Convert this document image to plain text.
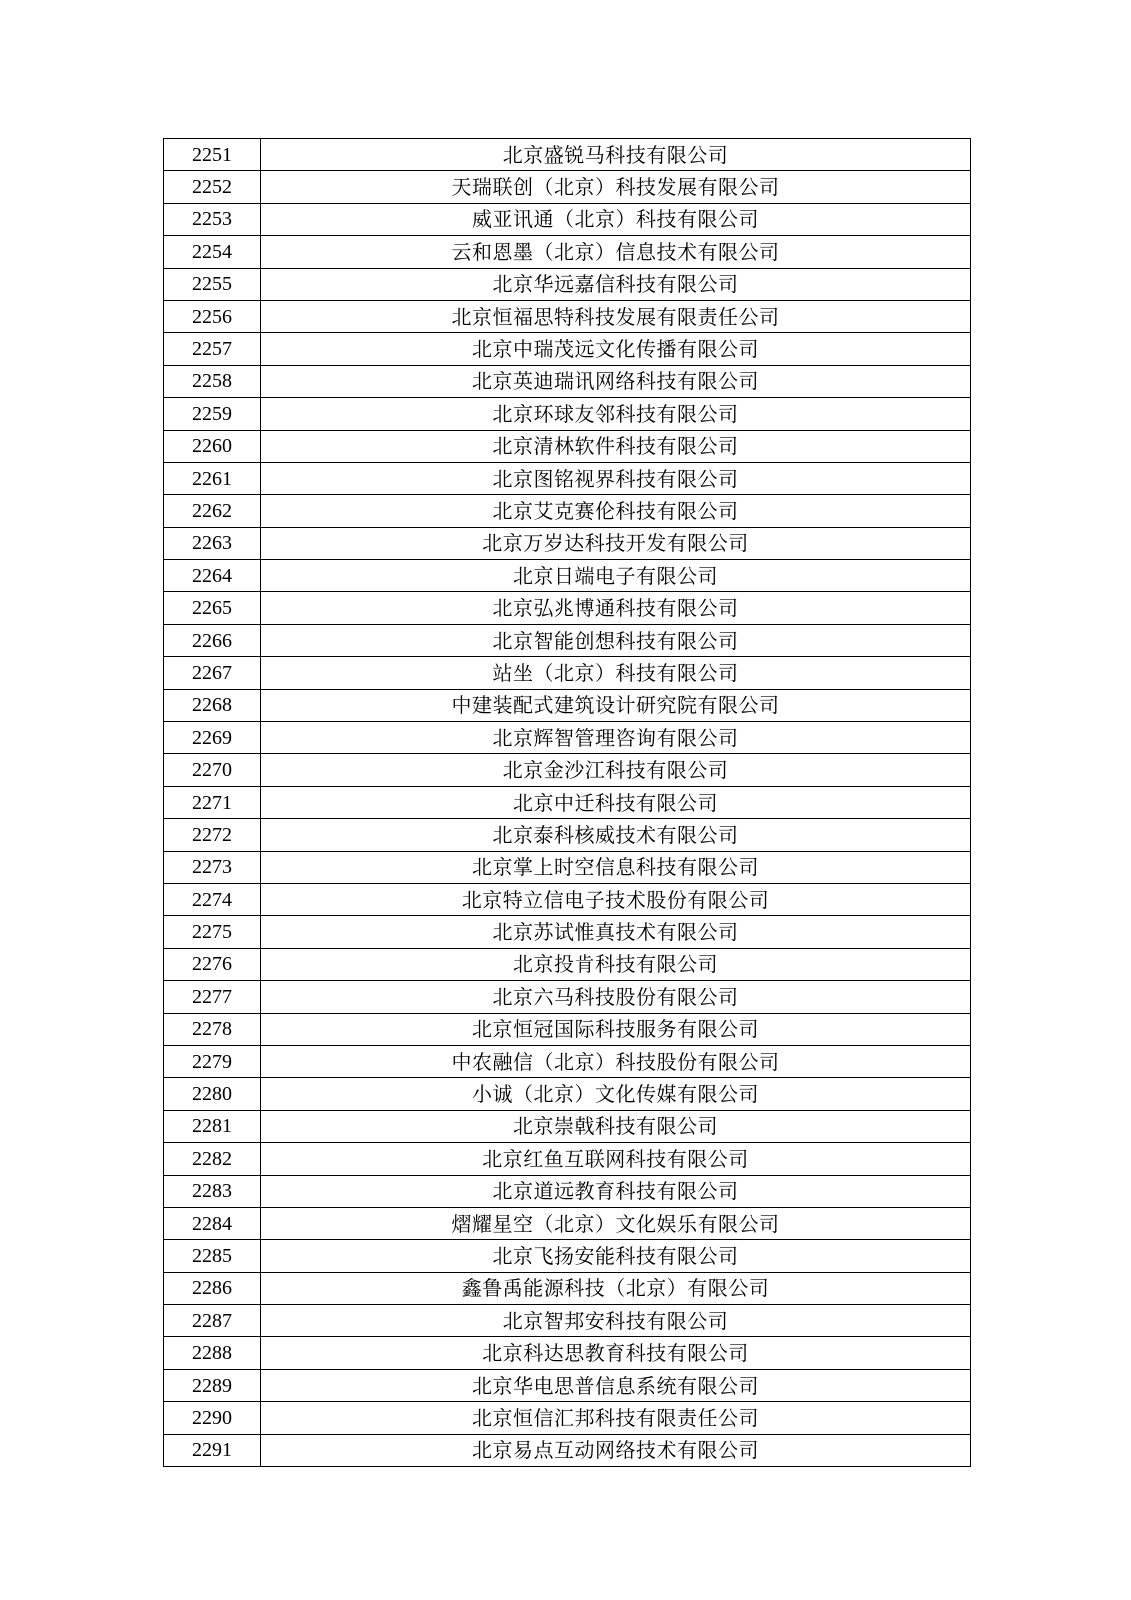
2251	北京盛锐马科技有限公司
2252	天瑞联创（北京）科技发展有限公司
2253	威亚讯通（北京）科技有限公司
2254	云和恩墨（北京）信息技术有限公司
2255	北京华远嘉信科技有限公司
2256	北京恒福思特科技发展有限责任公司
2257	北京中瑞茂远文化传播有限公司
2258	北京英迪瑞讯网络科技有限公司
2259	北京环球友邻科技有限公司
2260	北京清林软件科技有限公司
2261	北京图铭视界科技有限公司
2262	北京艾克赛伦科技有限公司
2263	北京万岁达科技开发有限公司
2264	北京日端电子有限公司
2265	北京弘兆博通科技有限公司
2266	北京智能创想科技有限公司
2267	站坐（北京）科技有限公司
2268	中建装配式建筑设计研究院有限公司
2269	北京辉智管理咨询有限公司
2270	北京金沙江科技有限公司
2271	北京中迁科技有限公司
2272	北京泰科核威技术有限公司
2273	北京掌上时空信息科技有限公司
2274	北京特立信电子技术股份有限公司
2275	北京苏试惟真技术有限公司
2276	北京投肯科技有限公司
2277	北京六马科技股份有限公司
2278	北京恒冠国际科技服务有限公司
2279	中农融信（北京）科技股份有限公司
2280	小诚（北京）文化传媒有限公司
2281	北京崇戟科技有限公司
2282	北京红鱼互联网科技有限公司
2283	北京道远教育科技有限公司
2284	熠耀星空（北京）文化娱乐有限公司
2285	北京飞扬安能科技有限公司
2286	鑫鲁禹能源科技（北京）有限公司
2287	北京智邦安科技有限公司
2288	北京科达思教育科技有限公司
2289	北京华电思普信息系统有限公司
2290	北京恒信汇邦科技有限责任公司
2291	北京易点互动网络技术有限公司
